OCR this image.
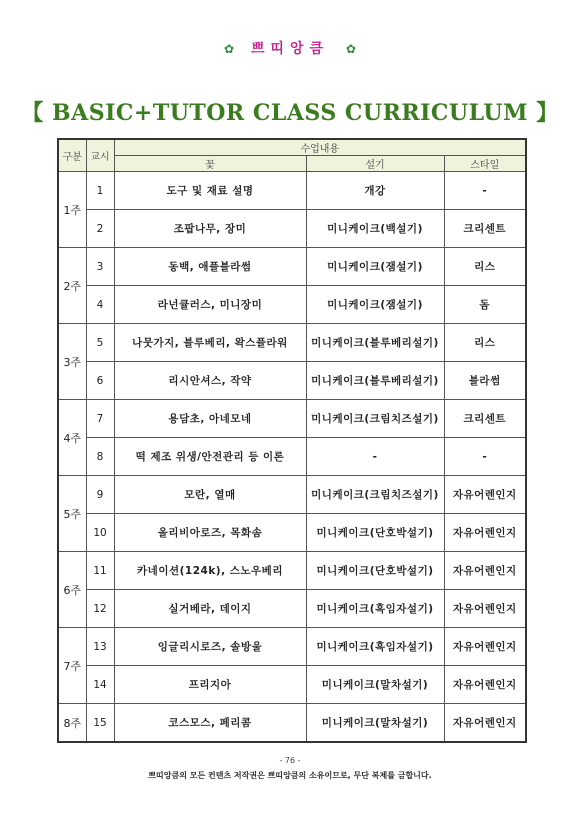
✿ 쁘띠앙큼 ✿
【 BASIC+TUTOR CLASS CURRICULUM 】
구분	교시	수업내용		
		꽃	설기	스타일
1주	1	도구 및 재료 설명	개강	-
	2	조팝나무, 장미	미니케이크(백설기)	크리센트
2주	3	동백, 애플블라썸	미니케이크(잼설기)	리스
	4	라넌큘러스, 미니장미	미니케이크(잼설기)	돔
3주	5	나뭇가지, 블루베리, 왁스플라워	미니케이크(블루베리설기)	리스
	6	리시안셔스, 작약	미니케이크(블루베리설기)	블라썸
4주	7	용담초, 아네모네	미니케이크(크림치즈설기)	크리센트
	8	떡 제조 위생/안전관리 등 이론	-	-
5주	9	모란, 열매	미니케이크(크림치즈설기)	자유어렌인지
	10	올리비아로즈, 목화솜	미니케이크(단호박설기)	자유어렌인지
6주	11	카네이션(124k), 스노우베리	미니케이크(단호박설기)	자유어렌인지
	12	실거베라, 데이지	미니케이크(흑임자설기)	자유어렌인지
7주	13	잉글리시로즈, 솔방울	미니케이크(흑임자설기)	자유어렌인지
	14	프리지아	미니케이크(말차설기)	자유어렌인지
8주	15	코스모스, 페리콤	미니케이크(말차설기)	자유어렌인지
- 76 -
쁘띠앙큼의 모든 컨텐츠 저작권은 쁘띠앙큼의 소유이므로, 무단 복제를 금합니다.
